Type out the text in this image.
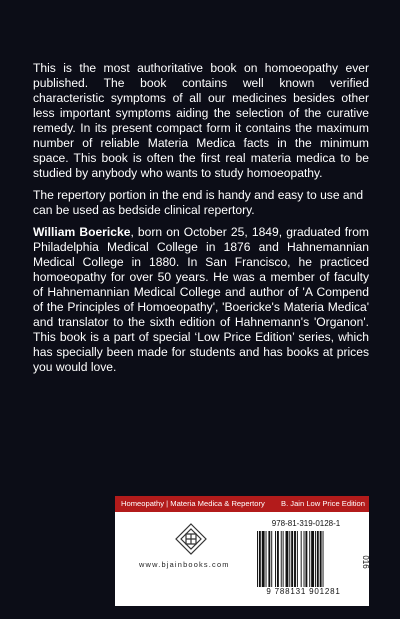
This is the most authoritative book on homoeopathy ever published. The book contains well known verified characteristic symptoms of all our medicines besides other less important symptoms aiding the selection of the curative remedy. In its present compact form it contains the maximum number of reliable Materia Medica facts in the minimum space. This book is often the first real materia medica to be studied by anybody who wants to study homoeopathy.

The repertory portion in the end is handy and easy to use and can be used as bedside clinical repertory.

William Boericke, born on October 25, 1849, graduated from Philadelphia Medical College in 1876 and Hahnemannian Medical College in 1880. In San Francisco, he practiced homoeopathy for over 50 years. He was a member of faculty of Hahnemannian Medical College and author of 'A Compend of the Principles of Homoeopathy', 'Boericke's Materia Medica' and translator to the sixth edition of Hahnemann's 'Organon'. This book is a part of special ‘Low Price Edition’ series, which has specially been made for students and has books at prices you would love.

Homeopathy | Materia Medica & Repertory B. Jain Low Price Edition
www.bjainbooks.com
978-81-319-0128-1
9 788131 901281
016
